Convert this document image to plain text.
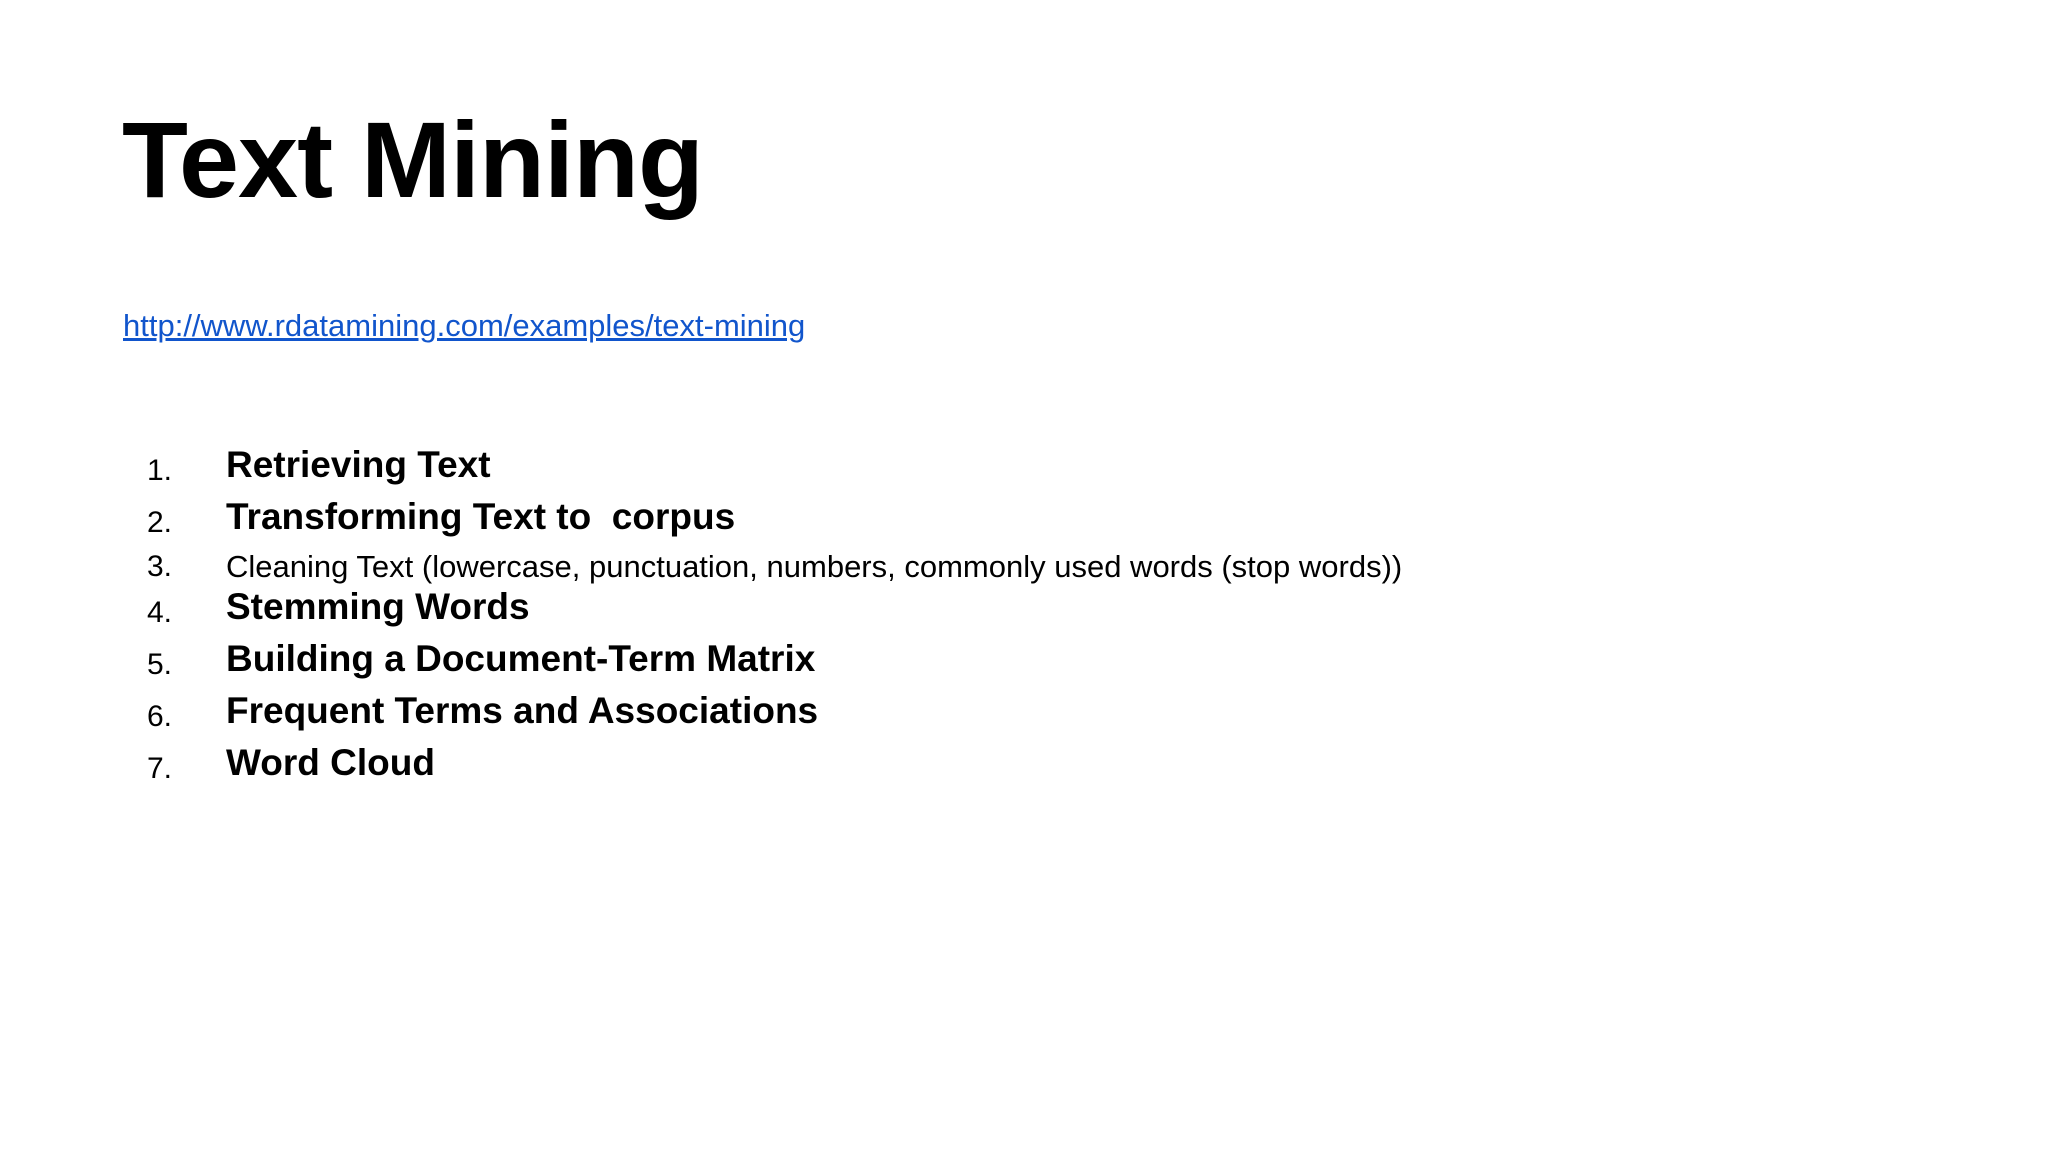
Text Mining
http://www.rdatamining.com/examples/text-mining
1. Retrieving Text
2. Transforming Text to  corpus
3. Cleaning Text (lowercase, punctuation, numbers, commonly used words (stop words))
4. Stemming Words
5. Building a Document-Term Matrix
6. Frequent Terms and Associations
7. Word Cloud
